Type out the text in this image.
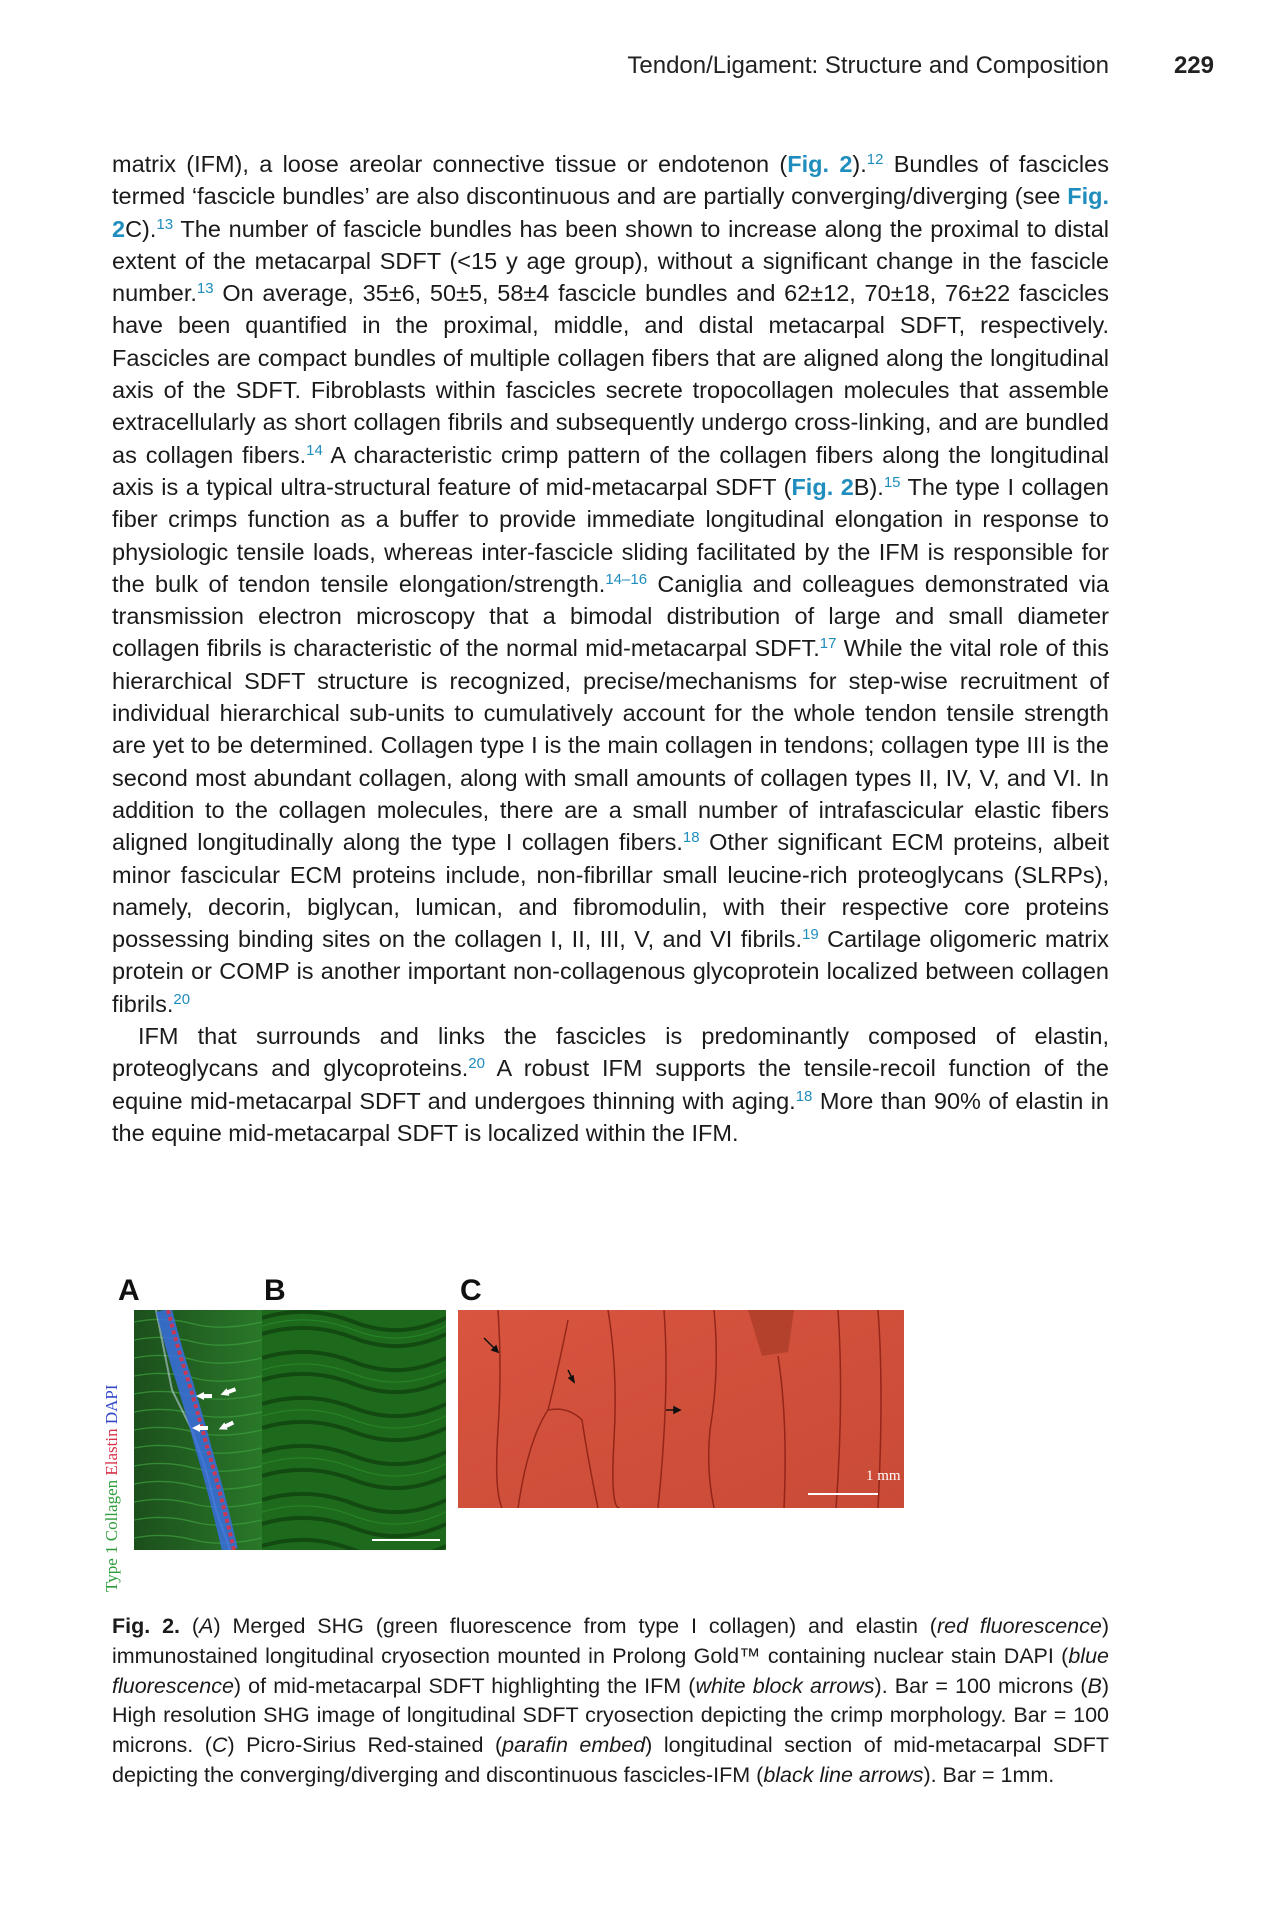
Tendon/Ligament: Structure and Composition	229

matrix (IFM), a loose areolar connective tissue or endotenon (Fig. 2).$^{12}$ Bundles of fascicles termed ‘fascicle bundles’ are also discontinuous and are partially converging/diverging (see Fig. 2C).$^{13}$ The number of fascicle bundles has been shown to increase along the proximal to distal extent of the metacarpal SDFT (<15 y age group), without a significant change in the fascicle number.$^{13}$ On average, 35±6, 50±5, 58±4 fascicle bundles and 62±12, 70±18, 76±22 fascicles have been quantified in the proximal, middle, and distal metacarpal SDFT, respectively. Fascicles are compact bundles of multiple collagen fibers that are aligned along the longitudinal axis of the SDFT. Fibroblasts within fascicles secrete tropocollagen molecules that assemble extracellularly as short collagen fibrils and subsequently undergo cross-linking, and are bundled as collagen fibers.$^{14}$ A characteristic crimp pattern of the collagen fibers along the longitudinal axis is a typical ultra-structural feature of mid-metacarpal SDFT (Fig. 2B).$^{15}$ The type I collagen fiber crimps function as a buffer to provide immediate longitudinal elongation in response to physiologic tensile loads, whereas inter-fascicle sliding facilitated by the IFM is responsible for the bulk of tendon tensile elongation/strength.$^{14-16}$ Caniglia and colleagues demonstrated via transmission electron microscopy that a bimodal distribution of large and small diameter collagen fibrils is characteristic of the normal mid-metacarpal SDFT.$^{17}$ While the vital role of this hierarchical SDFT structure is recognized, precise/mechanisms for step-wise recruitment of individual hierarchical sub-units to cumulatively account for the whole tendon tensile strength are yet to be determined. Collagen type I is the main collagen in tendons; collagen type III is the second most abundant collagen, along with small amounts of collagen types II, IV, V, and VI. In addition to the collagen molecules, there are a small number of intrafascicular elastic fibers aligned longitudinally along the type I collagen fibers.$^{18}$ Other significant ECM proteins, albeit minor fascicular ECM proteins include, non-fibrillar small leucine-rich proteoglycans (SLRPs), namely, decorin, biglycan, lumican, and fibromodulin, with their respective core proteins possessing binding sites on the collagen I, II, III, V, and VI fibrils.$^{19}$ Cartilage oligomeric matrix protein or COMP is another important non-collagenous glycoprotein localized between collagen fibrils.$^{20}$

IFM that surrounds and links the fascicles is predominantly composed of elastin, proteoglycans and glycoproteins.$^{20}$ A robust IFM supports the tensile-recoil function of the equine mid-metacarpal SDFT and undergoes thinning with aging.$^{18}$ More than 90% of elastin in the equine mid-metacarpal SDFT is localized within the IFM.

A	B	C
Type 1 Collagen Elastin DAPI
1 mm
Fig. 2. (A) Merged SHG (green fluorescence from type I collagen) and elastin (red fluorescence) immunostained longitudinal cryosection mounted in Prolong Gold™ containing nuclear stain DAPI (blue fluorescence) of mid-metacarpal SDFT highlighting the IFM (white block arrows). Bar = 100 microns (B) High resolution SHG image of longitudinal SDFT cryosection depicting the crimp morphology. Bar = 100 microns. (C) Picro-Sirius Red-stained (parafin embed) longitudinal section of mid-metacarpal SDFT depicting the converging/diverging and discontinuous fascicles-IFM (black line arrows). Bar = 1mm.
